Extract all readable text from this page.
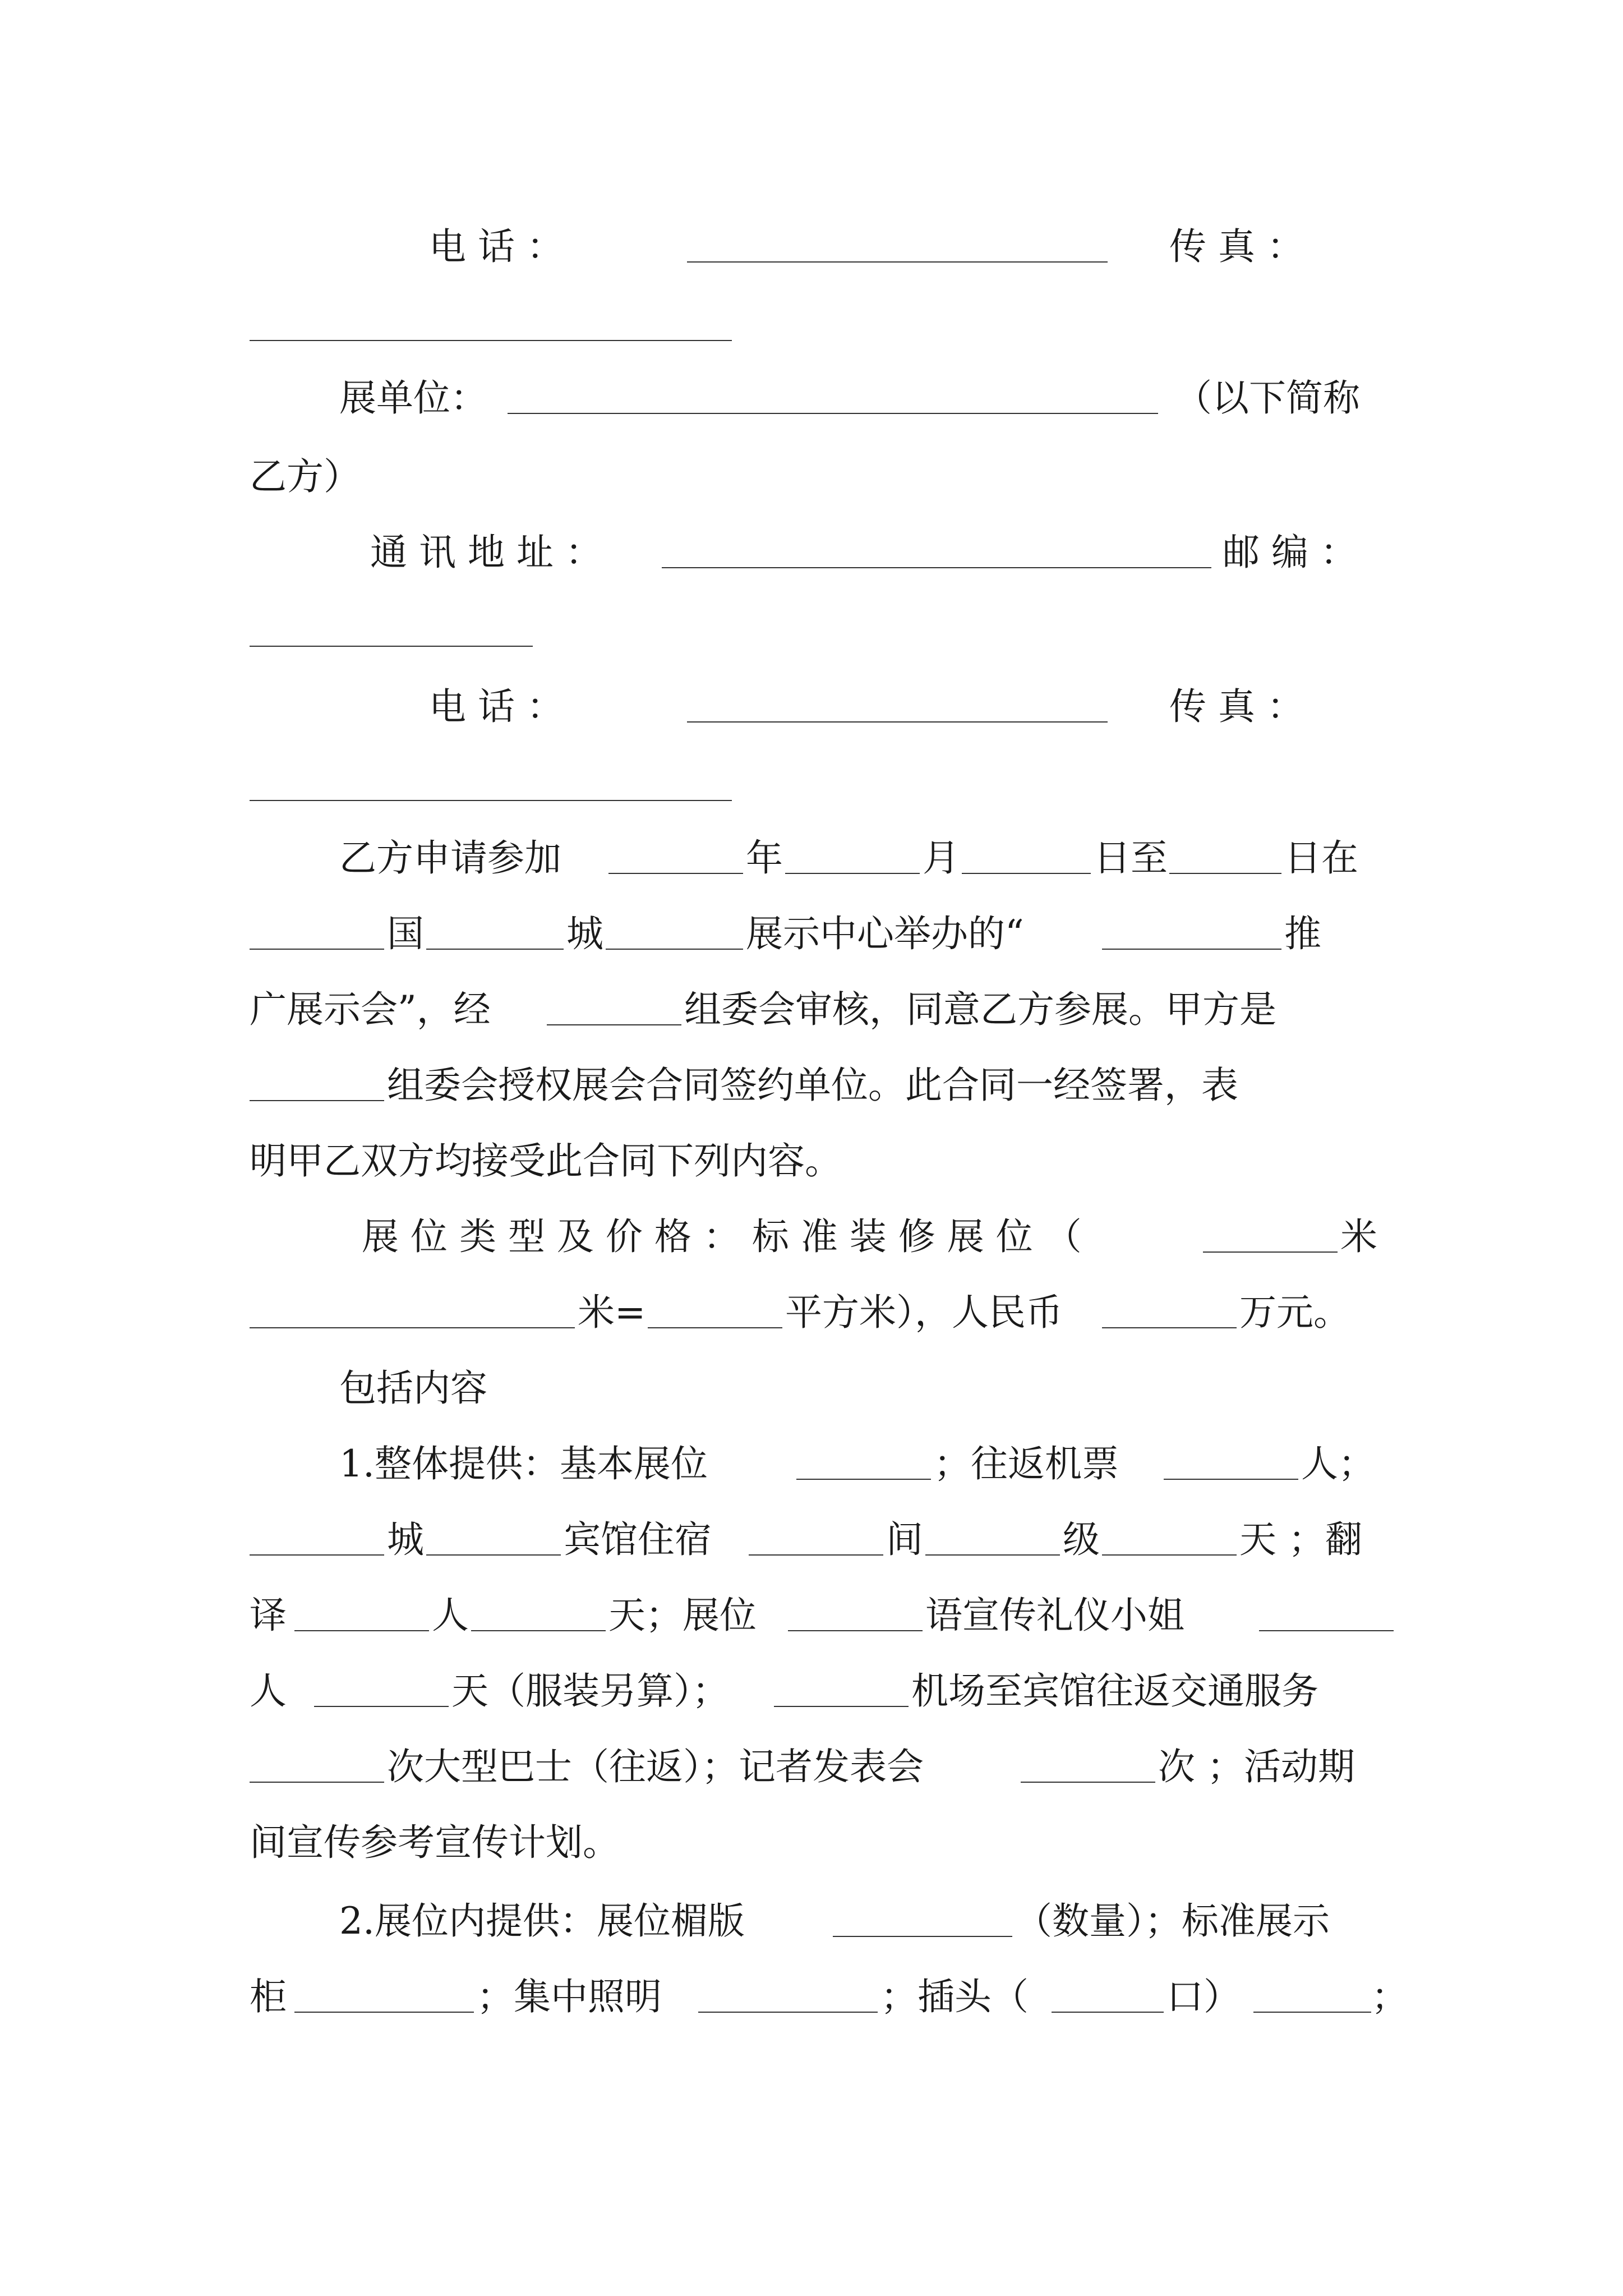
电 话 ：	传 真 ：
展单位：	（以下简称
乙方）
通 讯 地 址 ：	邮 编 ：
电 话 ：	传 真 ：
乙方申请参加	年	月	日至	日在
国	城	展示中心举办的“	推
广展示会”，经	组委会审核，同意乙方参展。甲方是
组委会授权展会合同签约单位。此合同一经签署，表
明甲乙双方均接受此合同下列内容。
展 位 类 型 及 价 格 ： 标 准 装 修 展 位 （	米
米=	平方米），人民币	万元。
包括内容
1.整体提供：基本展位	；往返机票	人；
城	宾馆住宿	间	级	天 ；翻
译	人	天；展位	语宣传礼仪小姐
人	天（服装另算）；	机场至宾馆往返交通服务
次大型巴士（往返）；记者发表会	次 ；活动期
间宣传参考宣传计划。
2.展位内提供：展位楣版	（数量）；标准展示
柜	；集中照明	；插头（	口）	；
